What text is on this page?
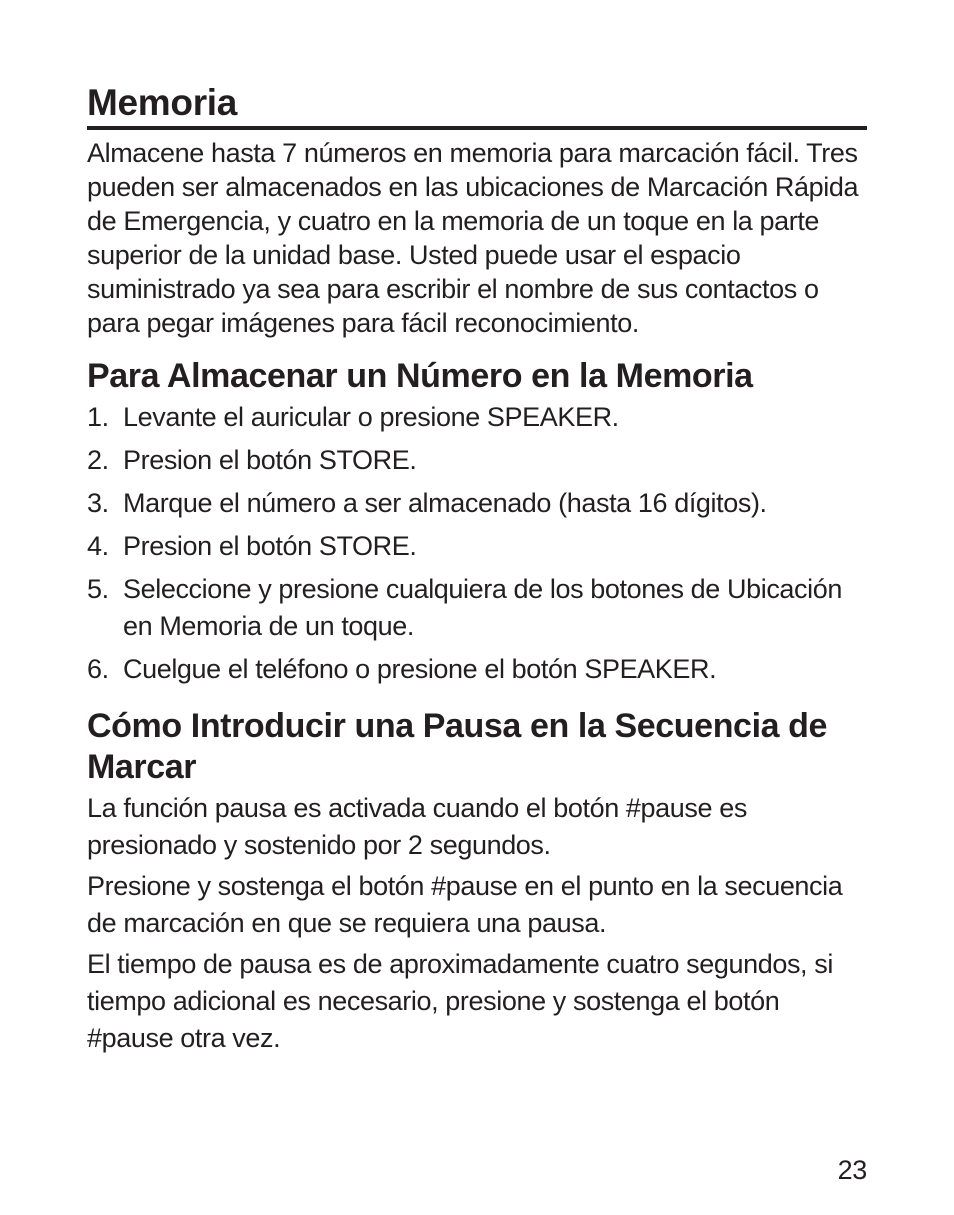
Memoria

Almacene hasta 7 números en memoria para marcación fácil. Tres pueden ser almacenados en las ubicaciones de Marcación Rápida de Emergencia, y cuatro en la memoria de un toque en la parte superior de la unidad base. Usted puede usar el espacio suministrado ya sea para escribir el nombre de sus contactos o para pegar imágenes para fácil reconocimiento.

Para Almacenar un Número en la Memoria
1. Levante el auricular o presione SPEAKER.
2. Presion el botón STORE.
3. Marque el número a ser almacenado (hasta 16 dígitos).
4. Presion el botón STORE.
5. Seleccione y presione cualquiera de los botones de Ubicación en Memoria de un toque.
6. Cuelgue el teléfono o presione el botón SPEAKER.
Cómo Introducir una Pausa en la Secuencia de Marcar

La función pausa es activada cuando el botón #pause es presionado y sostenido por 2 segundos.

Presione y sostenga el botón #pause en el punto en la secuencia de marcación en que se requiera una pausa.

El tiempo de pausa es de aproximadamente cuatro segundos, si tiempo adicional es necesario, presione y sostenga el botón #pause otra vez.

23
